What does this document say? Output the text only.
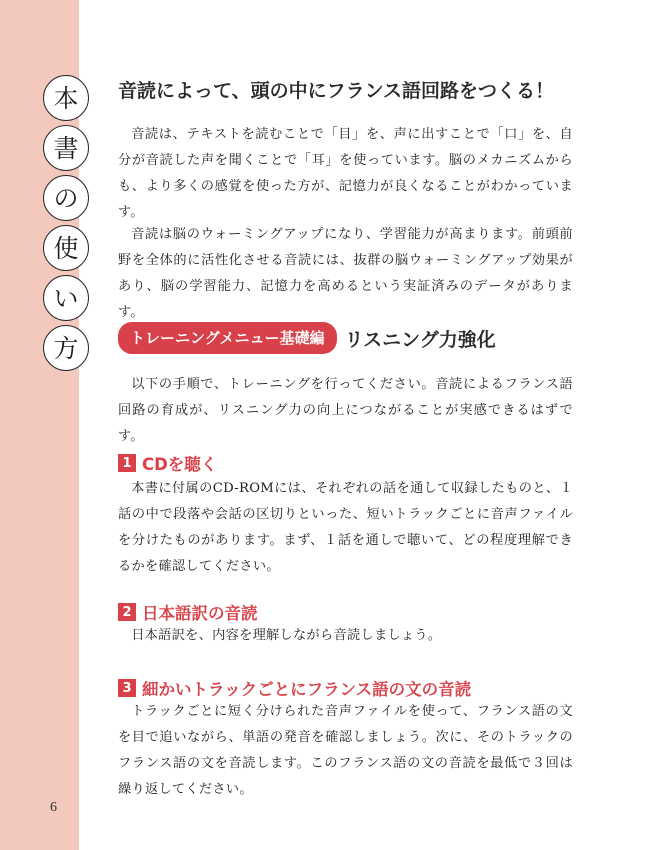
本
書
の
使
い
方
6
音読によって、頭の中にフランス語回路をつくる！

音読は、テキストを読むことで「目」を、声に出すことで「口」を、自分が音読した声を聞くことで「耳」を使っています。脳のメカニズムからも、より多くの感覚を使った方が、記憶力が良くなることがわかっています。

音読は脳のウォーミングアップになり、学習能力が高まります。前頭前野を全体的に活性化させる音読には、抜群の脳ウォーミングアップ効果があり、脳の学習能力、記憶力を高めるという実証済みのデータがあります。

トレーニングメニュー基礎編	リスニング力強化

以下の手順で、トレーニングを行ってください。音読によるフランス語回路の育成が、リスニング力の向上につながることが実感できるはずです。

1 CDを聴く

本書に付属のCD-ROMには、それぞれの話を通して収録したものと、１話の中で段落や会話の区切りといった、短いトラックごとに音声ファイルを分けたものがあります。まず、１話を通しで聴いて、どの程度理解できるかを確認してください。

2 日本語訳の音読

日本語訳を、内容を理解しながら音読しましょう。

3 細かいトラックごとにフランス語の文の音読

トラックごとに短く分けられた音声ファイルを使って、フランス語の文を目で追いながら、単語の発音を確認しましょう。次に、そのトラックのフランス語の文を音読します。このフランス語の文の音読を最低で３回は繰り返してください。
